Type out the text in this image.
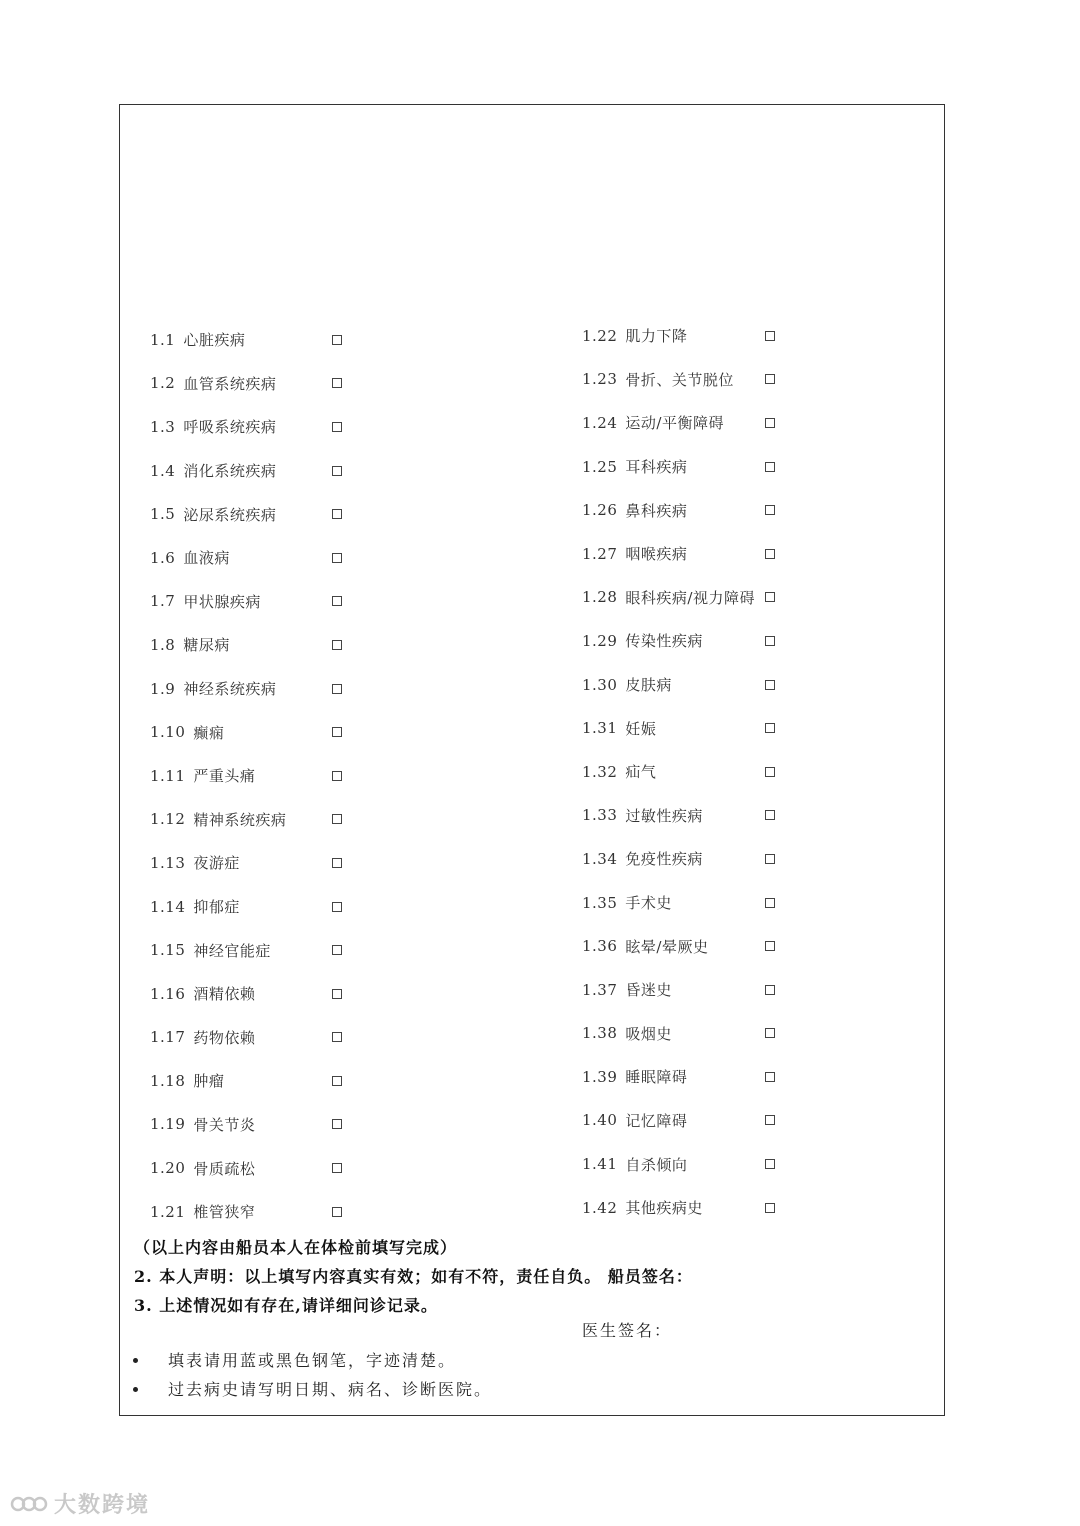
1.1 心脏疾病
1.2 血管系统疾病
1.3 呼吸系统疾病
1.4 消化系统疾病
1.5 泌尿系统疾病
1.6 血液病
1.7 甲状腺疾病
1.8 糖尿病
1.9 神经系统疾病
1.10 癫痫
1.11 严重头痛
1.12 精神系统疾病
1.13 夜游症
1.14 抑郁症
1.15 神经官能症
1.16 酒精依赖
1.17 药物依赖
1.18 肿瘤
1.19 骨关节炎
1.20 骨质疏松
1.21 椎管狭窄
1.22 肌力下降
1.23 骨折、关节脱位
1.24 运动/平衡障碍
1.25 耳科疾病
1.26 鼻科疾病
1.27 咽喉疾病
1.28 眼科疾病/视力障碍
1.29 传染性疾病
1.30 皮肤病
1.31 妊娠
1.32 疝气
1.33 过敏性疾病
1.34 免疫性疾病
1.35 手术史
1.36 眩晕/晕厥史
1.37 昏迷史
1.38 吸烟史
1.39 睡眠障碍
1.40 记忆障碍
1.41 自杀倾向
1.42 其他疾病史
（以上内容由船员本人在体检前填写完成）
2. 本人声明：以上填写内容真实有效；如有不符，责任自负。 船员签名：
3. 上述情况如有存在,请详细问诊记录。
医生签名：
填表请用蓝或黑色钢笔，字迹清楚。
过去病史请写明日期、病名、诊断医院。
大数跨境
